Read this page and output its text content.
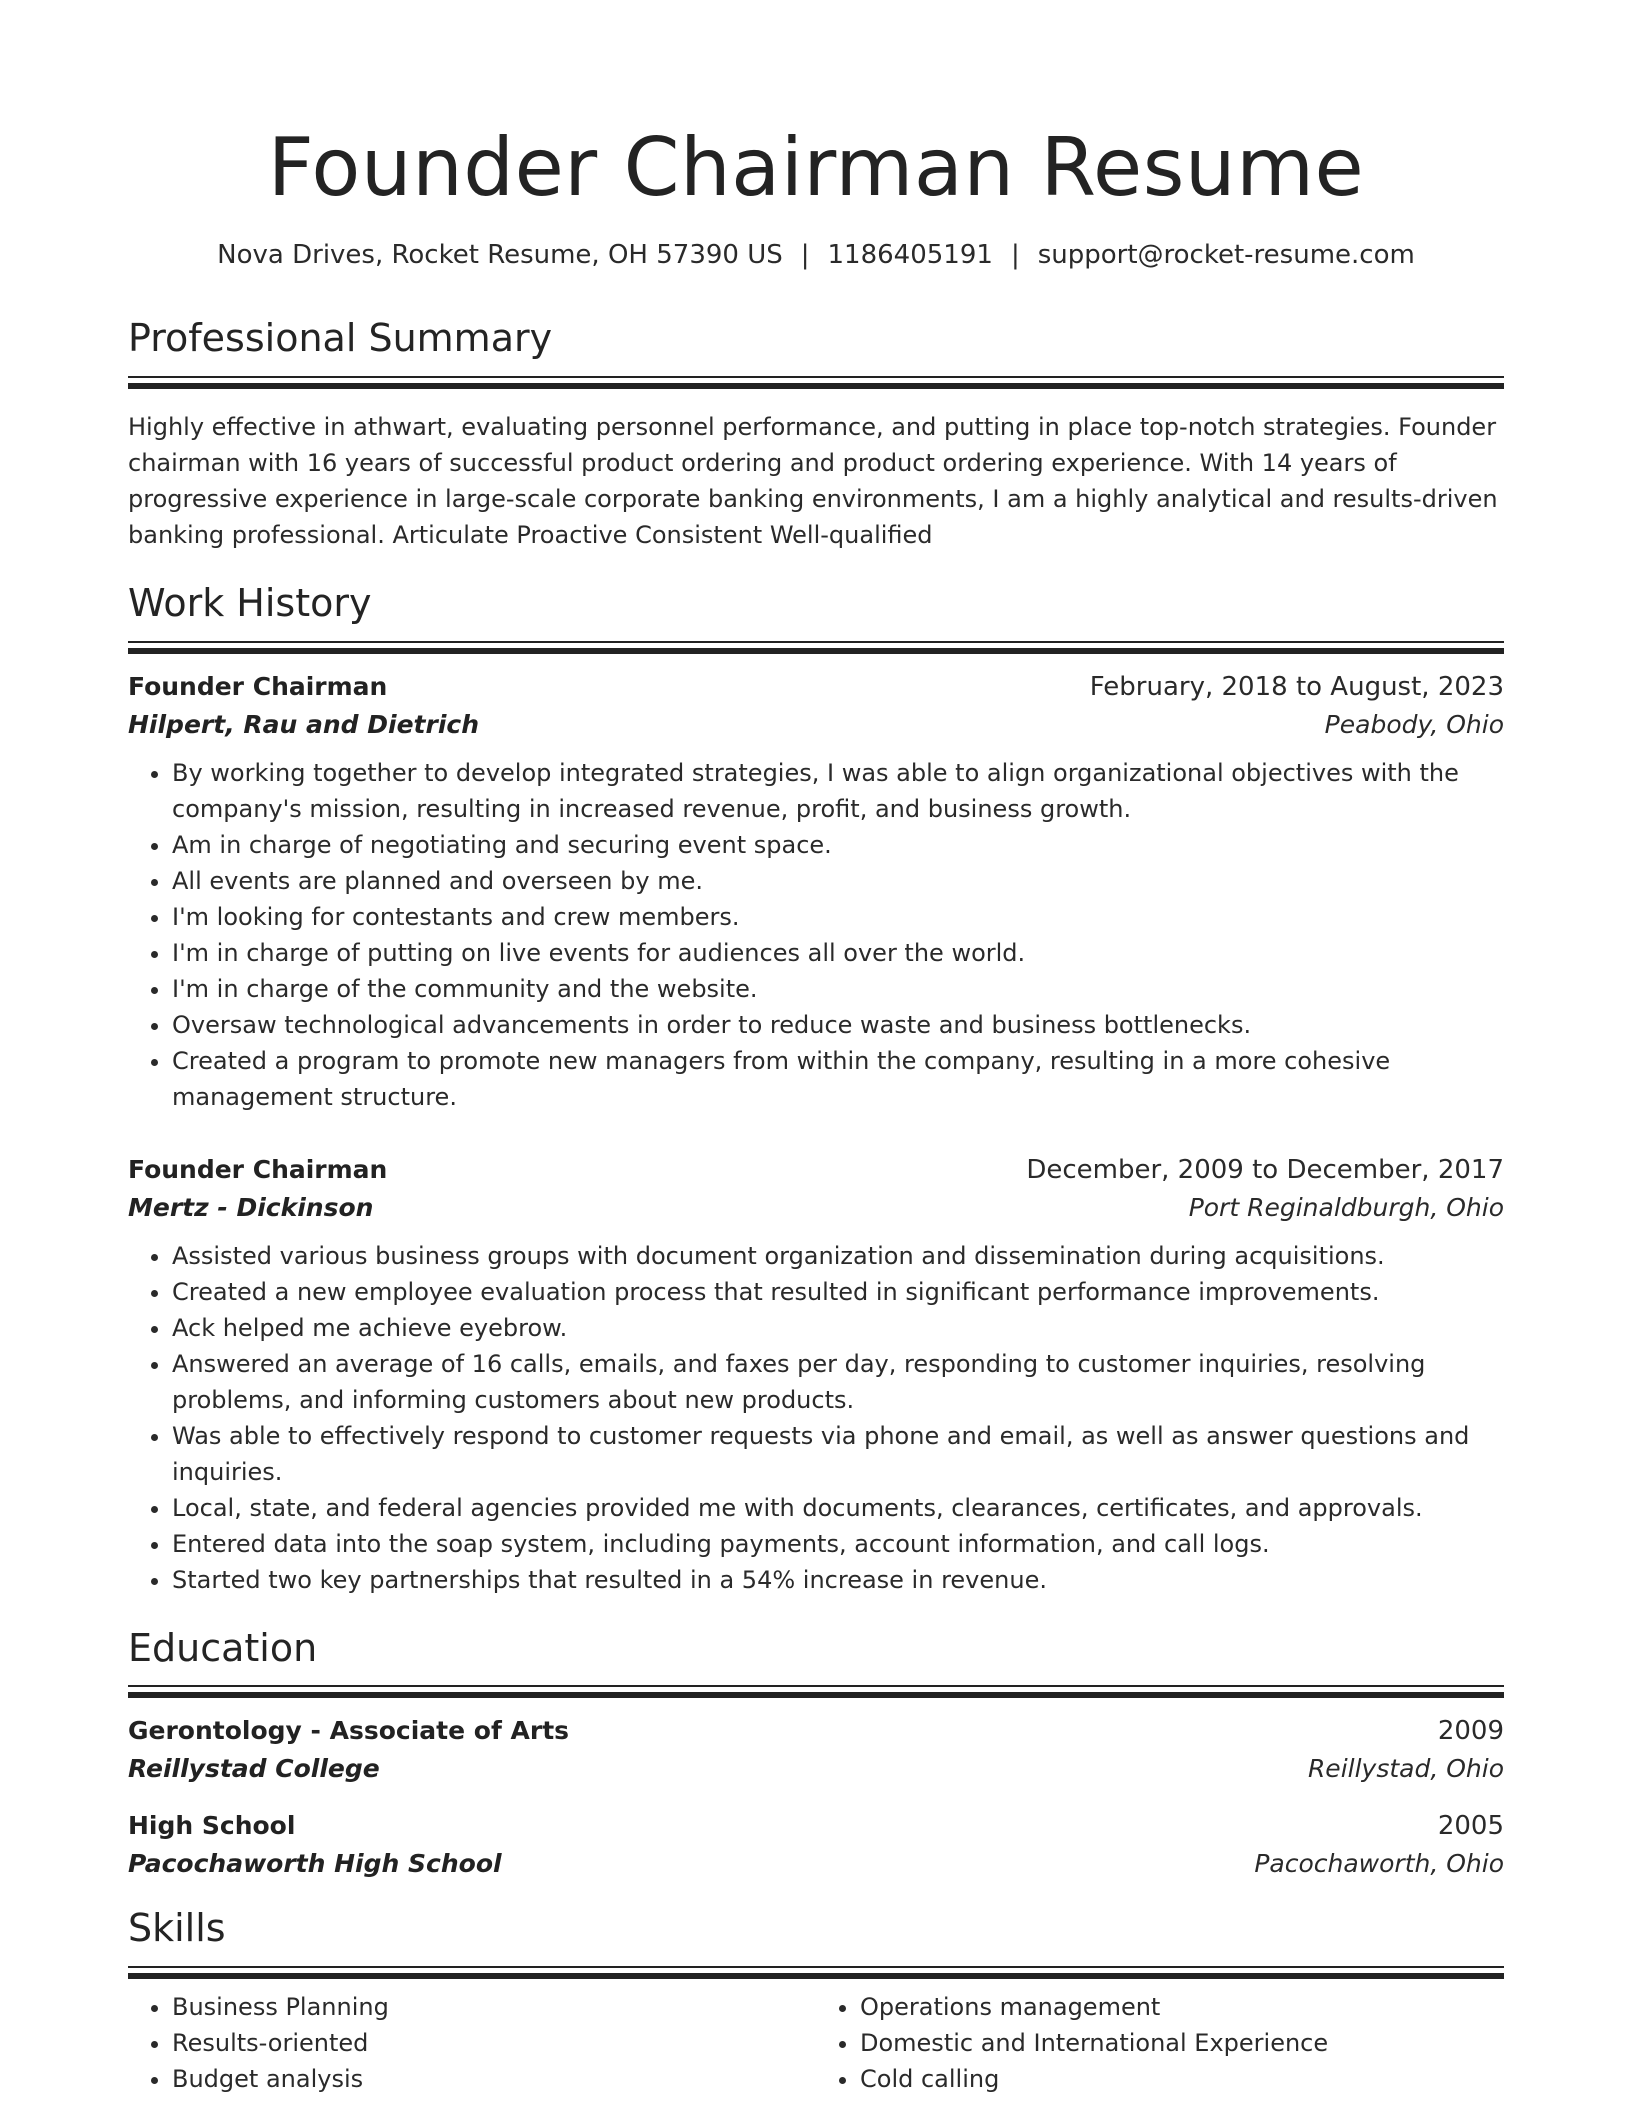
Founder Chairman Resume
Nova Drives, Rocket Resume, OH 57390 US | 1186405191 | support@rocket-resume.com
Professional Summary

Highly effective in athwart, evaluating personnel performance, and putting in place top-notch strategies. Founder chairman with 16 years of successful product ordering and product ordering experience. With 14 years of progressive experience in large-scale corporate banking environments, I am a highly analytical and results-driven banking professional. Articulate Proactive Consistent Well-qualified

Work History
Founder Chairman	February, 2018 to August, 2023
Hilpert, Rau and Dietrich	Peabody, Ohio
• By working together to develop integrated strategies, I was able to align organizational objectives with the company's mission, resulting in increased revenue, profit, and business growth.
• Am in charge of negotiating and securing event space.
• All events are planned and overseen by me.
• I'm looking for contestants and crew members.
• I'm in charge of putting on live events for audiences all over the world.
• I'm in charge of the community and the website.
• Oversaw technological advancements in order to reduce waste and business bottlenecks.
• Created a program to promote new managers from within the company, resulting in a more cohesive management structure.
Founder Chairman	December, 2009 to December, 2017
Mertz - Dickinson	Port Reginaldburgh, Ohio
• Assisted various business groups with document organization and dissemination during acquisitions.
• Created a new employee evaluation process that resulted in significant performance improvements.
• Ack helped me achieve eyebrow.
• Answered an average of 16 calls, emails, and faxes per day, responding to customer inquiries, resolving problems, and informing customers about new products.
• Was able to effectively respond to customer requests via phone and email, as well as answer questions and inquiries.
• Local, state, and federal agencies provided me with documents, clearances, certificates, and approvals.
• Entered data into the soap system, including payments, account information, and call logs.
• Started two key partnerships that resulted in a 54% increase in revenue.
Education
Gerontology - Associate of Arts	2009
Reillystad College	Reillystad, Ohio
High School	2005
Pacochaworth High School	Pacochaworth, Ohio
Skills
• Business Planning
• Results-oriented
• Budget analysis
• Operations management
• Domestic and International Experience
• Cold calling
